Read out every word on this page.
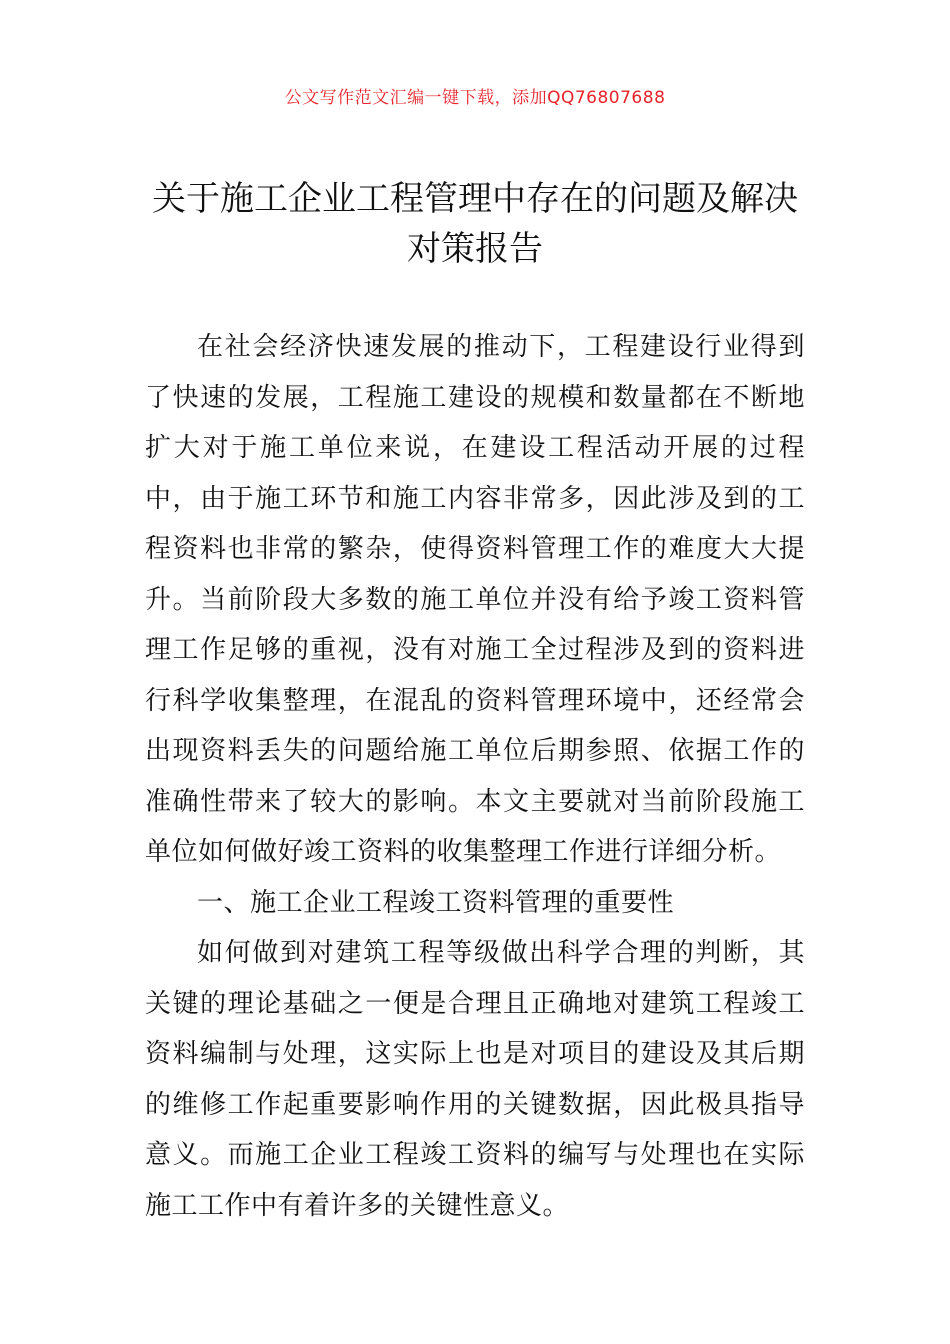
公文写作范文汇编一键下载，添加QQ76807688
关于施工企业工程管理中存在的问题及解决对策报告

在社会经济快速发展的推动下，工程建设行业得到了快速的发展，工程施工建设的规模和数量都在不断地扩大对于施工单位来说，在建设工程活动开展的过程中，由于施工环节和施工内容非常多，因此涉及到的工程资料也非常的繁杂，使得资料管理工作的难度大大提升。当前阶段大多数的施工单位并没有给予竣工资料管理工作足够的重视，没有对施工全过程涉及到的资料进行科学收集整理，在混乱的资料管理环境中，还经常会出现资料丢失的问题给施工单位后期参照、依据工作的准确性带来了较大的影响。本文主要就对当前阶段施工单位如何做好竣工资料的收集整理工作进行详细分析。

一、施工企业工程竣工资料管理的重要性

如何做到对建筑工程等级做出科学合理的判断，其关键的理论基础之一便是合理且正确地对建筑工程竣工资料编制与处理，这实际上也是对项目的建设及其后期的维修工作起重要影响作用的关键数据，因此极具指导意义。而施工企业工程竣工资料的编写与处理也在实际施工工作中有着许多的关键性意义。
